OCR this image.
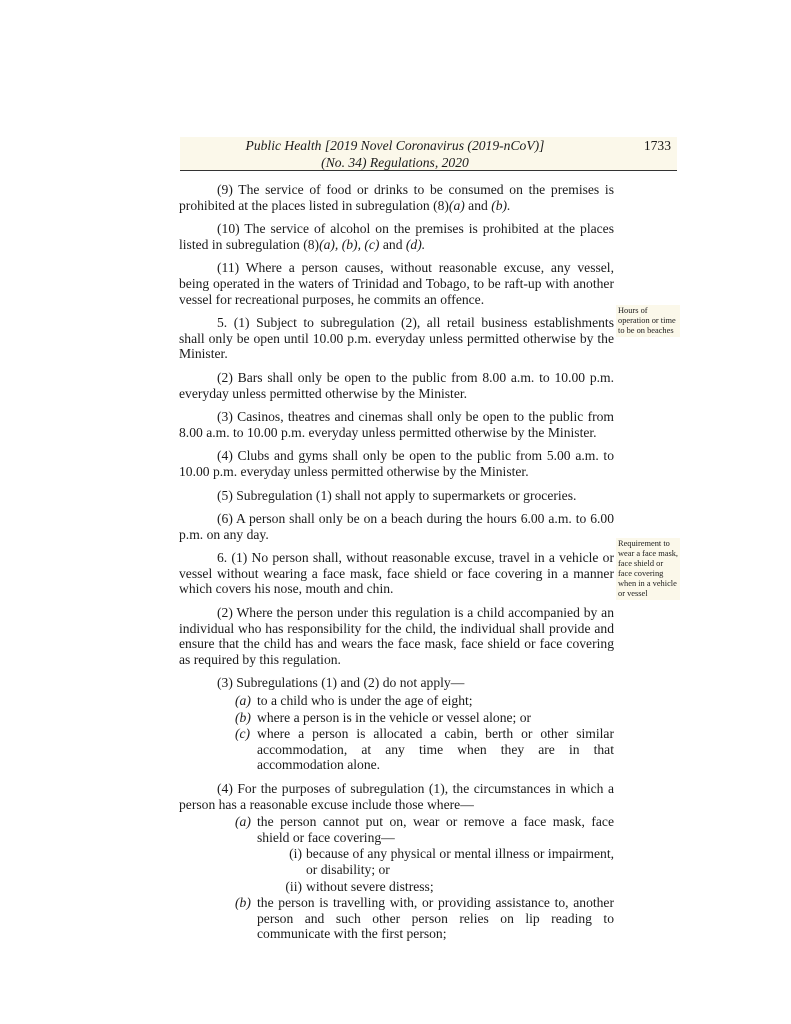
Public Health [2019 Novel Coronavirus (2019-nCoV)]
(No. 34) Regulations, 2020
1733
Hours of operation or time to be on beaches
Requirement to wear a face mask, face shield or face covering when in a vehicle or vessel

(9) The service of food or drinks to be consumed on the premises is prohibited at the places listed in subregulation (8)(a) and (b).

(10) The service of alcohol on the premises is prohibited at the places listed in subregulation (8)(a), (b), (c) and (d).

(11) Where a person causes, without reasonable excuse, any vessel, being operated in the waters of Trinidad and Tobago, to be raft-up with another vessel for recreational purposes, he commits an offence.

5. (1) Subject to subregulation (2), all retail business establishments shall only be open until 10.00 p.m. everyday unless permitted otherwise by the Minister.

(2) Bars shall only be open to the public from 8.00 a.m. to 10.00 p.m. everyday unless permitted otherwise by the Minister.

(3) Casinos, theatres and cinemas shall only be open to the public from 8.00 a.m. to 10.00 p.m. everyday unless permitted otherwise by the Minister.

(4) Clubs and gyms shall only be open to the public from 5.00 a.m. to 10.00 p.m. everyday unless permitted otherwise by the Minister.

(5) Subregulation (1) shall not apply to supermarkets or groceries.

(6) A person shall only be on a beach during the hours 6.00 a.m. to 6.00 p.m. on any day.

6. (1) No person shall, without reasonable excuse, travel in a vehicle or vessel without wearing a face mask, face shield or face covering in a manner which covers his nose, mouth and chin.

(2) Where the person under this regulation is a child accompanied by an individual who has responsibility for the child, the individual shall provide and ensure that the child has and wears the face mask, face shield or face covering as required by this regulation.

(3) Subregulations (1) and (2) do not apply—

(a) to a child who is under the age of eight;
(b) where a person is in the vehicle or vessel alone; or
(c) where a person is allocated a cabin, berth or other similar accommodation, at any time when they are in that accommodation alone.

(4) For the purposes of subregulation (1), the circumstances in which a person has a reasonable excuse include those where—

(a) the person cannot put on, wear or remove a face mask, face shield or face covering—
(i) because of any physical or mental illness or impairment, or disability; or
(ii) without severe distress;
(b) the person is travelling with, or providing assistance to, another person and such other person relies on lip reading to communicate with the first person;
